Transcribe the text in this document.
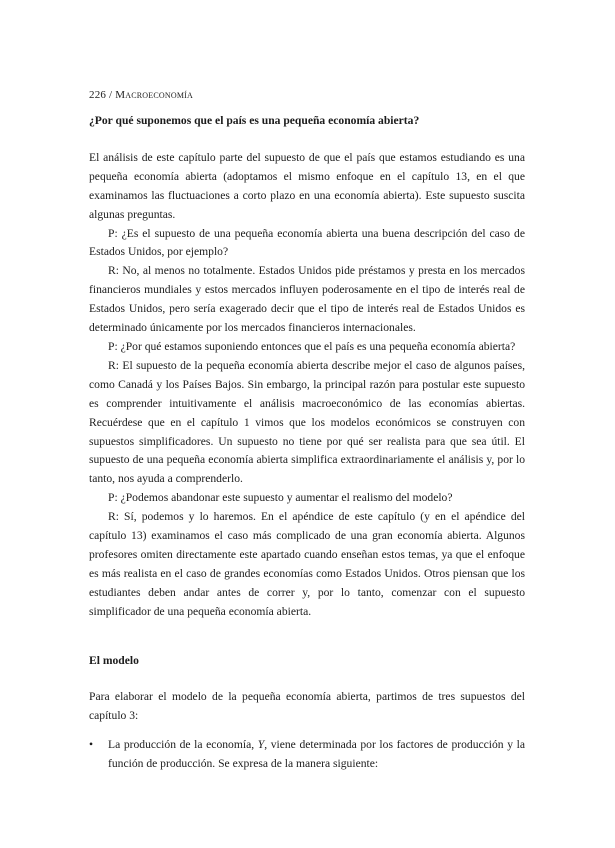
226 / Macroeconomía
¿Por qué suponemos que el país es una pequeña economía abierta?

El análisis de este capítulo parte del supuesto de que el país que estamos estudiando es una pequeña economía abierta (adoptamos el mismo enfoque en el capítulo 13, en el que examinamos las fluctuaciones a corto plazo en una economía abierta). Este supuesto suscita algunas preguntas.

P: ¿Es el supuesto de una pequeña economía abierta una buena descripción del caso de Estados Unidos, por ejemplo?

R: No, al menos no totalmente. Estados Unidos pide préstamos y presta en los mercados financieros mundiales y estos mercados influyen poderosamente en el tipo de interés real de Estados Unidos, pero sería exagerado decir que el tipo de interés real de Estados Unidos es determinado únicamente por los mercados financieros internacionales.

P: ¿Por qué estamos suponiendo entonces que el país es una pequeña economía abierta?

R: El supuesto de la pequeña economía abierta describe mejor el caso de algunos países, como Canadá y los Países Bajos. Sin embargo, la principal razón para postular este supuesto es comprender intuitivamente el análisis macroeconómico de las economías abiertas. Recuérdese que en el capítulo 1 vimos que los modelos económicos se construyen con supuestos simplificadores. Un supuesto no tiene por qué ser realista para que sea útil. El supuesto de una pequeña economía abierta simplifica extraordinariamente el análisis y, por lo tanto, nos ayuda a comprenderlo.

P: ¿Podemos abandonar este supuesto y aumentar el realismo del modelo?

R: Sí, podemos y lo haremos. En el apéndice de este capítulo (y en el apéndice del capítulo 13) examinamos el caso más complicado de una gran economía abierta. Algunos profesores omiten directamente este apartado cuando enseñan estos temas, ya que el enfoque es más realista en el caso de grandes economías como Estados Unidos. Otros piensan que los estudiantes deben andar antes de correr y, por lo tanto, comenzar con el supuesto simplificador de una pequeña economía abierta.

El modelo

Para elaborar el modelo de la pequeña economía abierta, partimos de tres supuestos del capítulo 3:

• La producción de la economía, Y, viene determinada por los factores de producción y la función de producción. Se expresa de la manera siguiente:
